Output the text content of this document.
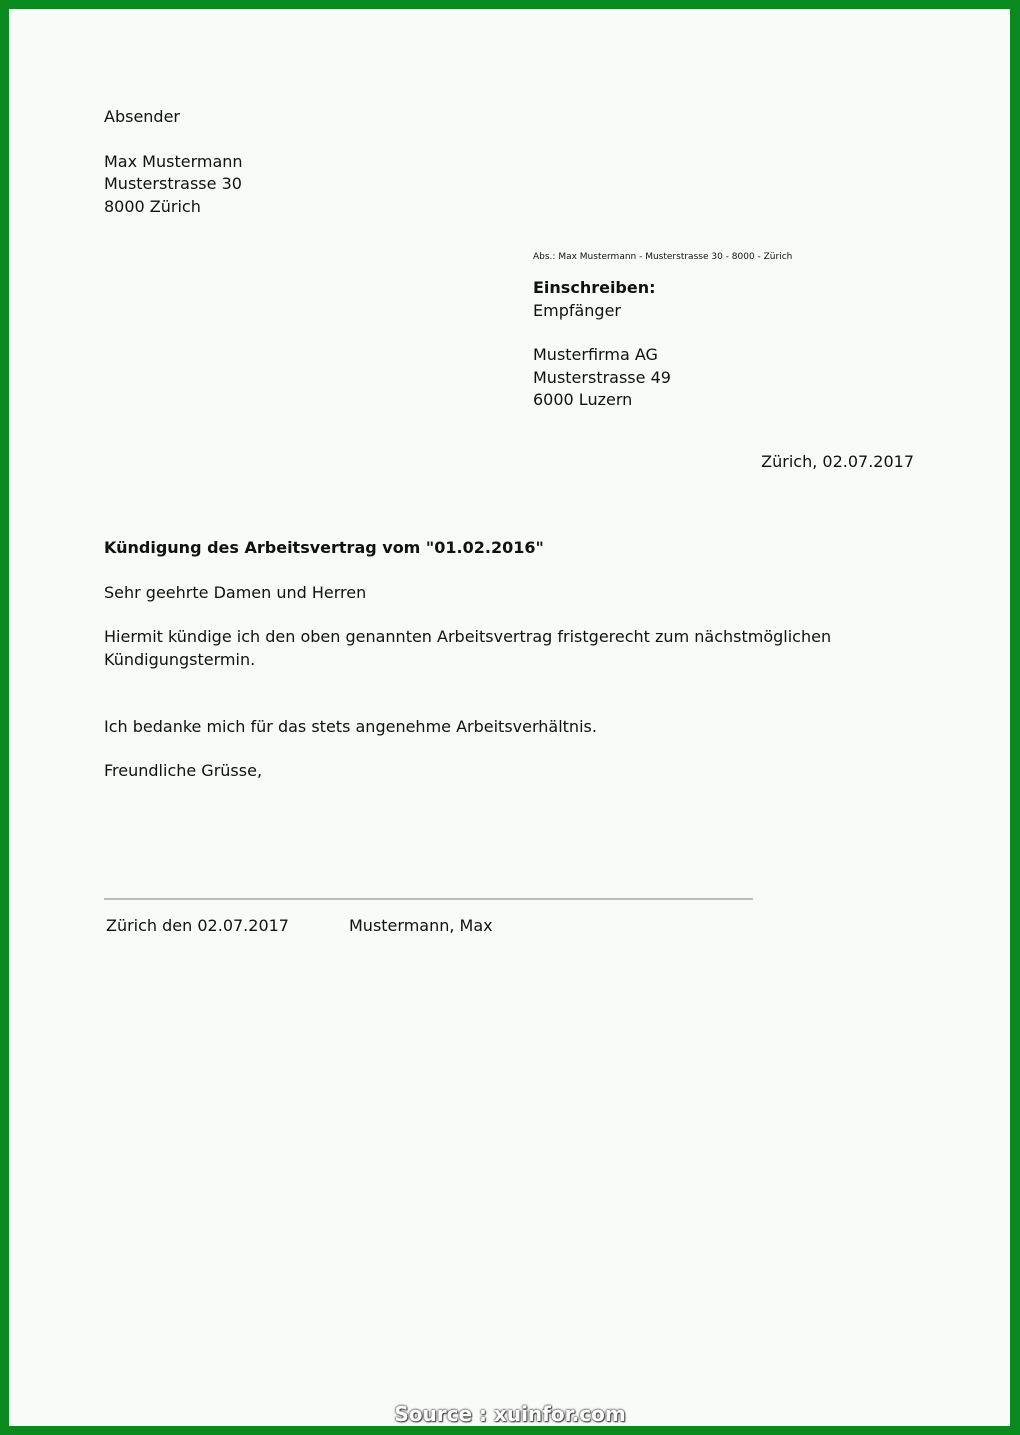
Absender
Max Mustermann
Musterstrasse 30
8000 Zürich
Abs.: Max Mustermann - Musterstrasse 30 - 8000 - Zürich
Einschreiben:
Empfänger
Musterfirma AG
Musterstrasse 49
6000 Luzern
Zürich, 02.07.2017
Kündigung des Arbeitsvertrag vom "01.02.2016"
Sehr geehrte Damen und Herren
Hiermit kündige ich den oben genannten Arbeitsvertrag fristgerecht zum nächstmöglichen
Kündigungstermin.
Ich bedanke mich für das stets angenehme Arbeitsverhältnis.
Freundliche Grüsse,
Zürich den 02.07.2017	Mustermann, Max
Source : xuinfor.com
